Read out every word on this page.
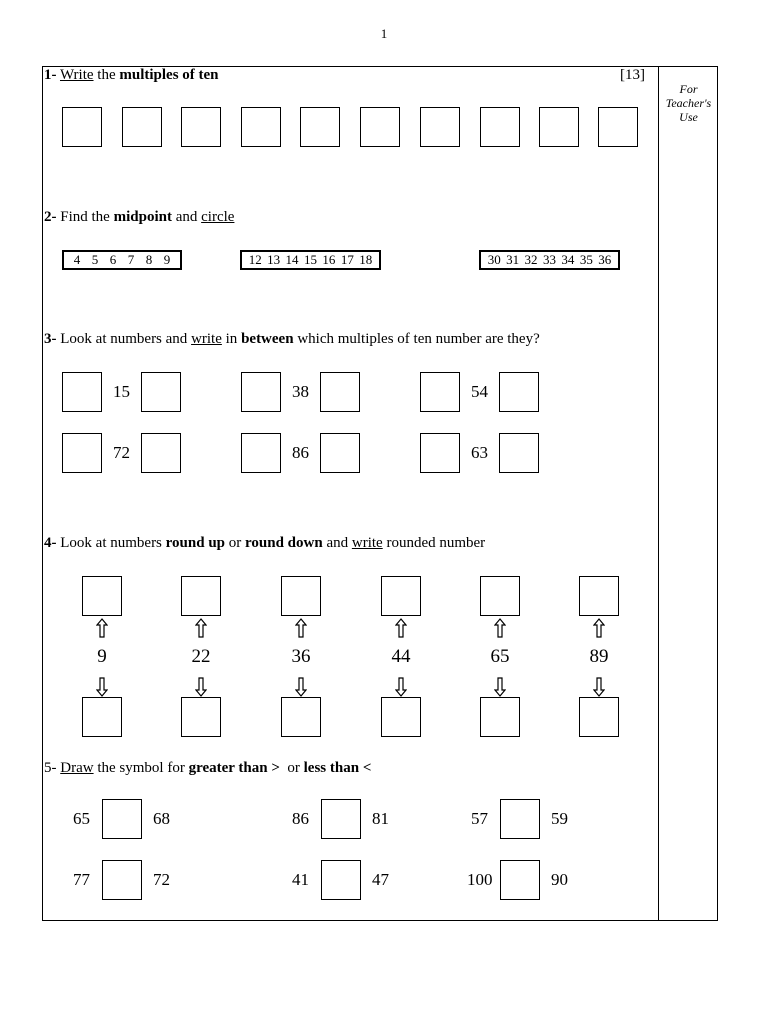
1
For
Teacher's
Use
1- Write the multiples of ten	[13]
2- Find the midpoint and circle
4 5 6 7 8 9	12 13 14 15 16 17 18	30 31 32 33 34 35 36
3- Look at numbers and write in between which multiples of ten number are they?
15	38	54
72	86	63
4- Look at numbers round up or round down and write rounded number
9	22	36	44	65	89
5- Draw the symbol for greater than >  or less than <
65	68	86	81	57	59
77	72	41	47	100	90
